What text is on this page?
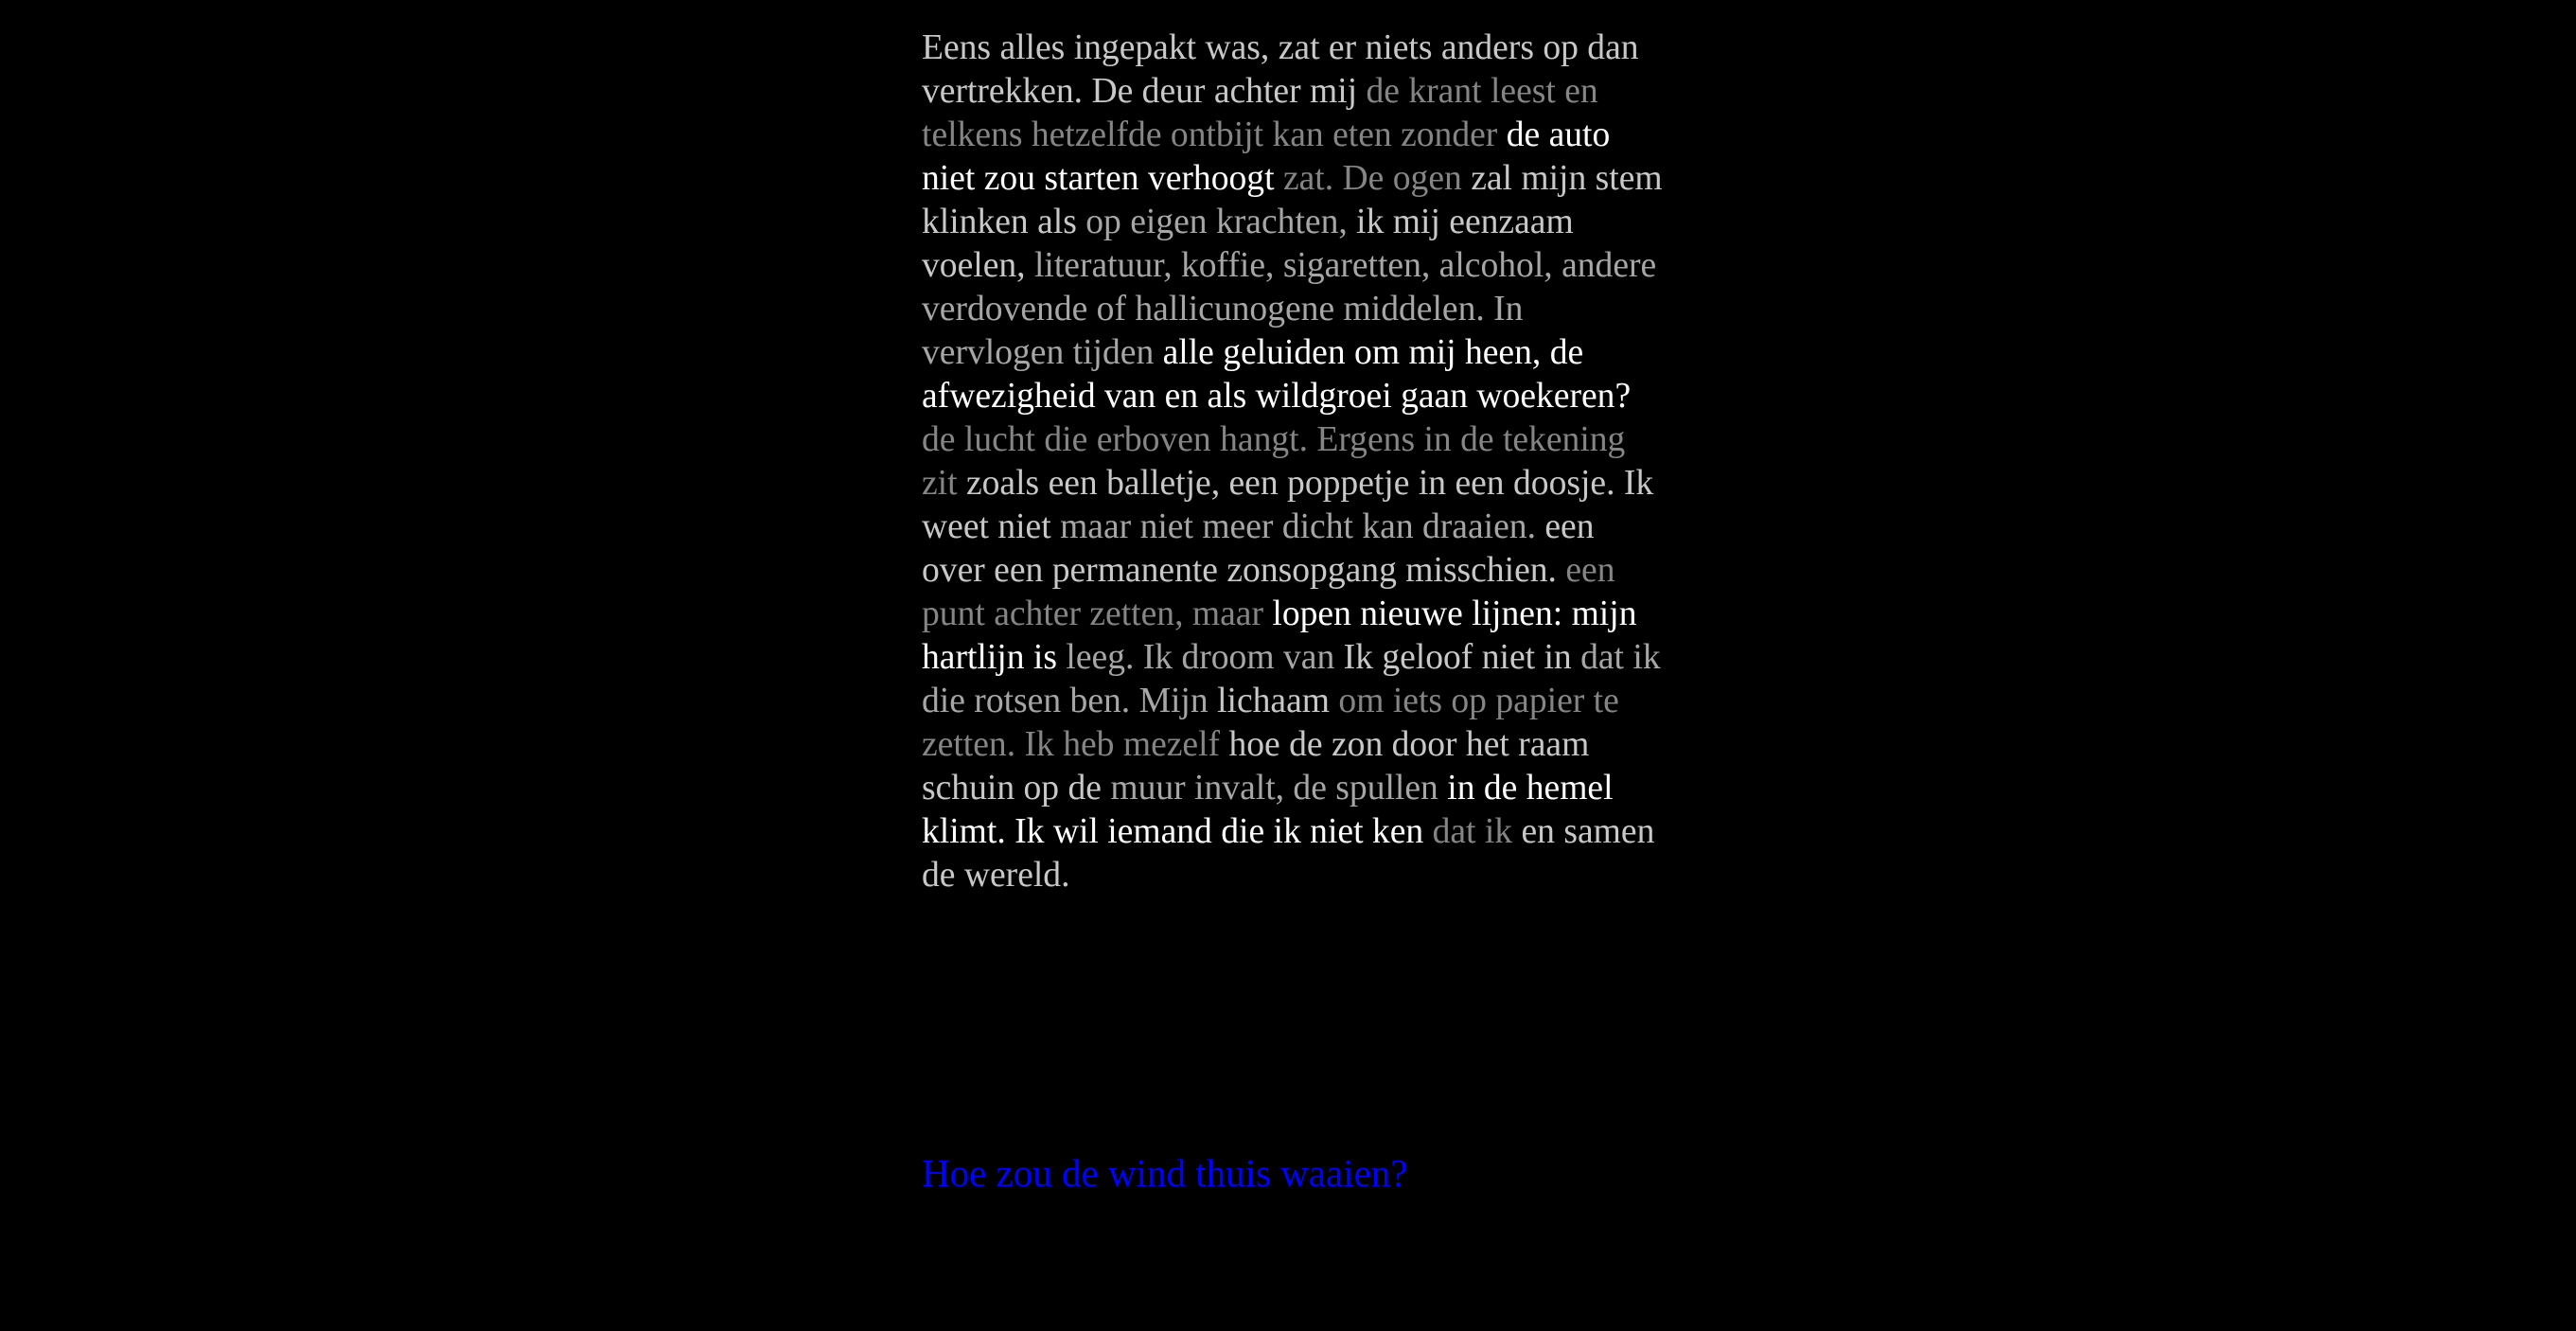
Eens alles ingepakt was, zat er niets anders op dan vertrekken. De deur achter mij de krant leest en telkens hetzelfde ontbijt kan eten zonder de auto niet zou starten verhoogt zat. De ogen zal mijn stem klinken als op eigen krachten, ik mij eenzaam voelen, literatuur, koffie, sigaretten, alcohol, andere verdovende of hallicunogene middelen. In vervlogen tijden alle geluiden om mij heen, de afwezigheid van en als wildgroei gaan woekeren? de lucht die erboven hangt. Ergens in de tekening zit zoals een balletje, een poppetje in een doosje. Ik weet niet maar niet meer dicht kan draaien. een over een permanente zonsopgang misschien. een punt achter zetten, maar lopen nieuwe lijnen: mijn hartlijn is leeg. Ik droom van Ik geloof niet in dat ik die rotsen ben. Mijn lichaam om iets op papier te zetten. Ik heb mezelf hoe de zon door het raam schuin op de muur invalt, de spullen in de hemel klimt. Ik wil iemand die ik niet ken dat ik en samen de wereld.

Hoe zou de wind thuis waaien?
